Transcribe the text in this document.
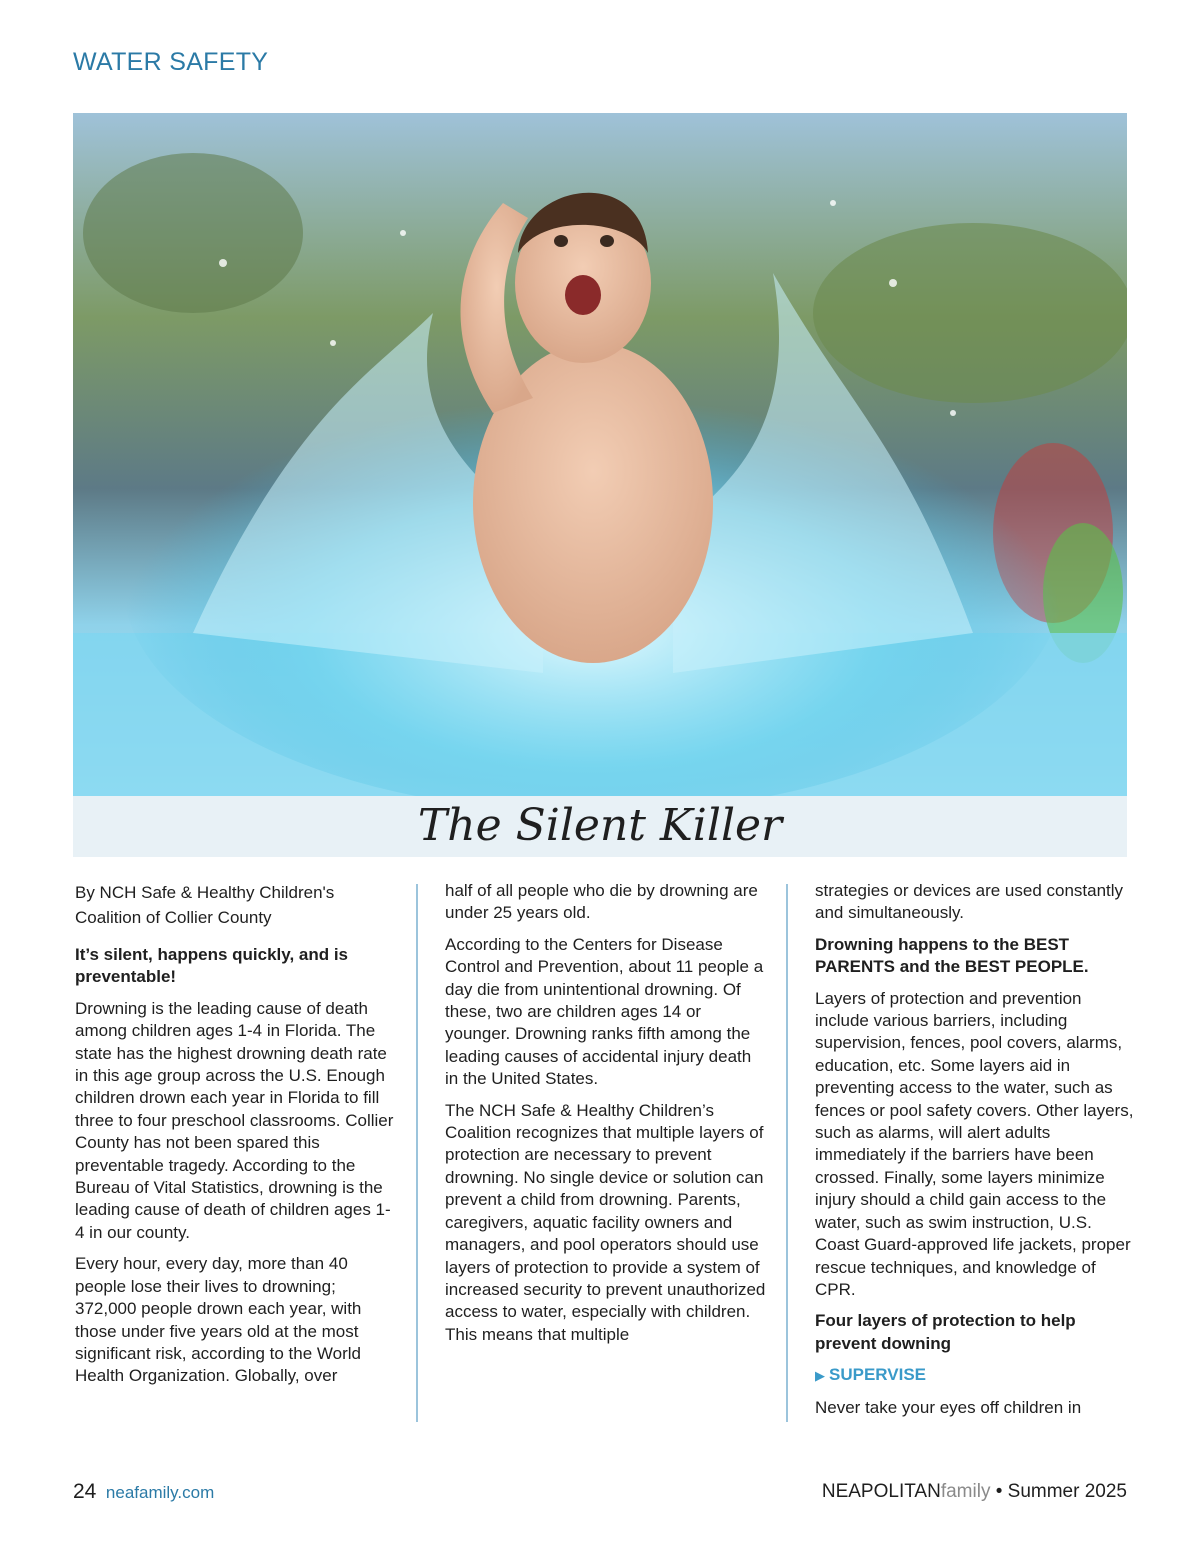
WATER SAFETY
The Silent Killer

By NCH Safe & Healthy Children's Coalition of Collier County

It’s silent, happens quickly, and is preventable!

Drowning is the leading cause of death among children ages 1-4 in Florida. The state has the highest drowning death rate in this age group across the U.S. Enough children drown each year in Florida to fill three to four preschool classrooms. Collier County has not been spared this preventable tragedy. According to the Bureau of Vital Statistics, drowning is the leading cause of death of children ages 1-4 in our county.

Every hour, every day, more than 40 people lose their lives to drowning; 372,000 people drown each year, with those under five years old at the most significant risk, according to the World Health Organization. Globally, over

half of all people who die by drowning are under 25 years old.

According to the Centers for Disease Control and Prevention, about 11 people a day die from unintentional drowning. Of these, two are children ages 14 or younger. Drowning ranks fifth among the leading causes of accidental injury death in the United States.

The NCH Safe & Healthy Children’s Coalition recognizes that multiple layers of protection are necessary to prevent drowning. No single device or solution can prevent a child from drowning. Parents, caregivers, aquatic facility owners and managers, and pool operators should use layers of protection to provide a system of increased security to prevent unauthorized access to water, especially with children. This means that multiple

strategies or devices are used constantly and simultaneously.

Drowning happens to the BEST PARENTS and the BEST PEOPLE.

Layers of protection and prevention include various barriers, including supervision, fences, pool covers, alarms, education, etc. Some layers aid in preventing access to the water, such as fences or pool safety covers. Other layers, such as alarms, will alert adults immediately if the barriers have been crossed. Finally, some layers minimize injury should a child gain access to the water, such as swim instruction, U.S. Coast Guard-approved life jackets, proper rescue techniques, and knowledge of CPR.

Four layers of protection to help prevent downing

▶ SUPERVISE

Never take your eyes off children in

24 neafamily.com	NEAPOLITANfamily • Summer 2025
